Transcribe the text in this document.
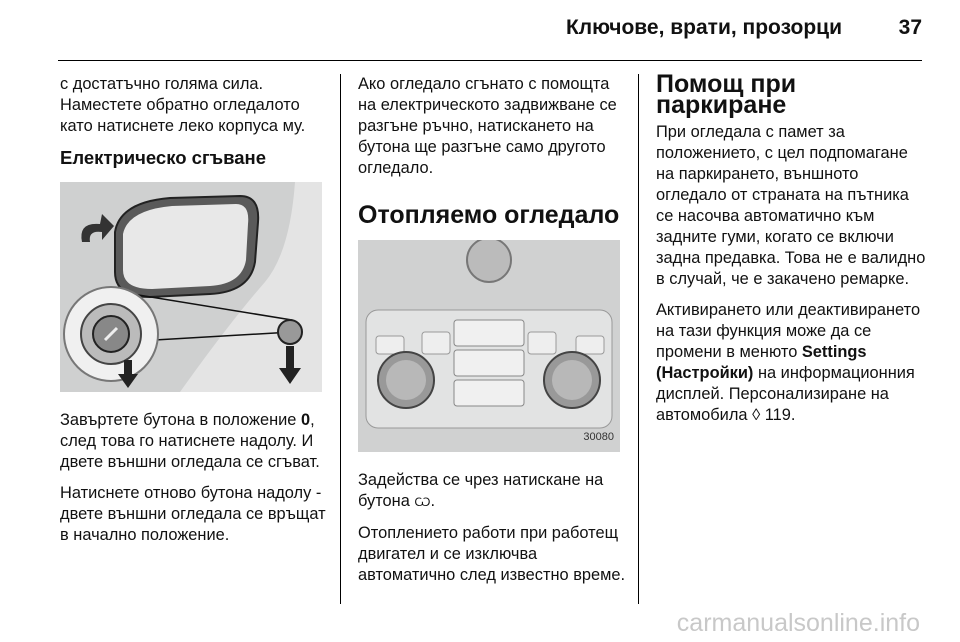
Ключове, врати, прозорци	37

с достатъчно голяма сила. Наместете обратно огледалото като натиснете леко корпуса му.

Електрическо сгъване

Завъртете бутона в положение 0, след това го натиснете надолу. И двете външни огледала се сгъват.

Натиснете отново бутона надолу - двете външни огледала се връщат в начално положение.

Ако огледало сгънато с помощта на електрическото задвижване се разгъне ръчно, натискането на бутона ще разгъне само другото огледало.

Отопляемо огледало
30080

Задейства се чрез натискане на бутона Ѡ.

Отоплението работи при работещ двигател и се изключва автоматично след известно време.

Помощ при паркиране

При огледала с памет за положението, с цел подпомагане на паркирането, външното огледало от страната на пътника се насочва автоматично към задните гуми, когато се включи задна предавка. Това не е валидно в случай, че е закачено ремарке.

Активирането или деактивирането на тази функция може да се промени в менюто Settings (Настройки) на информационния дисплей. Персонализиране на автомобила ◊ 119.

carmanualsonline.info
